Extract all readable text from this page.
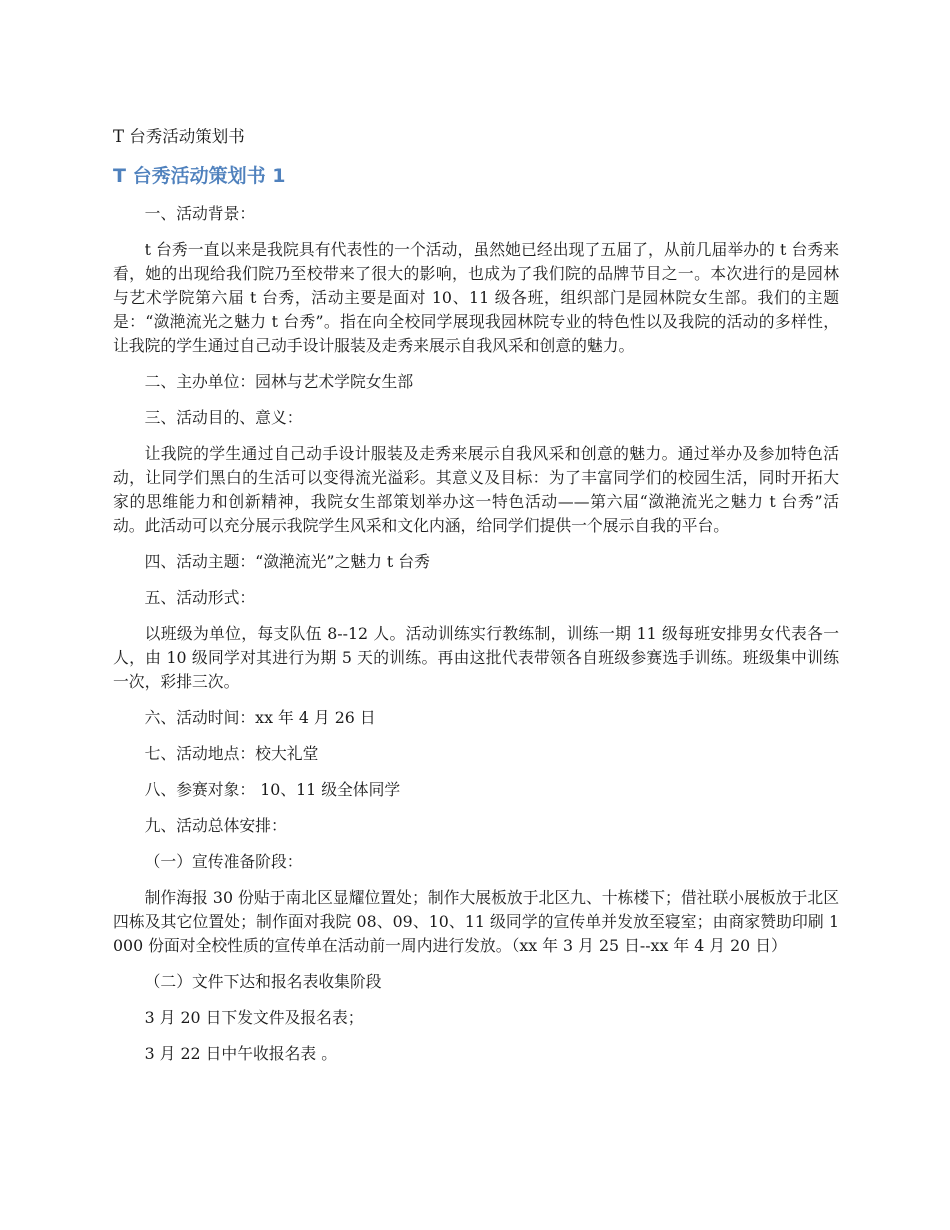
T 台秀活动策划书
T 台秀活动策划书 1

一、活动背景：

t 台秀一直以来是我院具有代表性的一个活动，虽然她已经出现了五届了，从前几届举办的 t 台秀来看，她的出现给我们院乃至校带来了很大的影响，也成为了我们院的品牌节目之一。本次进行的是园林与艺术学院第六届 t 台秀，活动主要是面对 10、11 级各班，组织部门是园林院女生部。我们的主题是：“潋滟流光之魅力 t 台秀”。指在向全校同学展现我园林院专业的特色性以及我院的活动的多样性，让我院的学生通过自己动手设计服装及走秀来展示自我风采和创意的魅力。

二、主办单位：园林与艺术学院女生部

三、活动目的、意义：

让我院的学生通过自己动手设计服装及走秀来展示自我风采和创意的魅力。通过举办及参加特色活动，让同学们黑白的生活可以变得流光溢彩。其意义及目标：为了丰富同学们的校园生活，同时开拓大家的思维能力和创新精神，我院女生部策划举办这一特色活动——第六届“潋滟流光之魅力 t 台秀”活动。此活动可以充分展示我院学生风采和文化内涵，给同学们提供一个展示自我的平台。

四、活动主题：“潋滟流光”之魅力 t 台秀

五、活动形式：

以班级为单位，每支队伍 8--12 人。活动训练实行教练制，训练一期 11 级每班安排男女代表各一人，由 10 级同学对其进行为期 5 天的训练。再由这批代表带领各自班级参赛选手训练。班级集中训练一次，彩排三次。

六、活动时间：xx 年 4 月 26 日

七、活动地点：校大礼堂

八、参赛对象： 10、11 级全体同学

九、活动总体安排：

（一）宣传准备阶段：

制作海报 30 份贴于南北区显耀位置处；制作大展板放于北区九、十栋楼下；借社联小展板放于北区四栋及其它位置处；制作面对我院 08、09、10、11 级同学的宣传单并发放至寝室；由商家赞助印刷 1000 份面对全校性质的宣传单在活动前一周内进行发放。（xx 年 3 月 25 日--xx 年 4 月 20 日）

（二）文件下达和报名表收集阶段

3 月 20 日下发文件及报名表；

3 月 22 日中午收报名表 。
